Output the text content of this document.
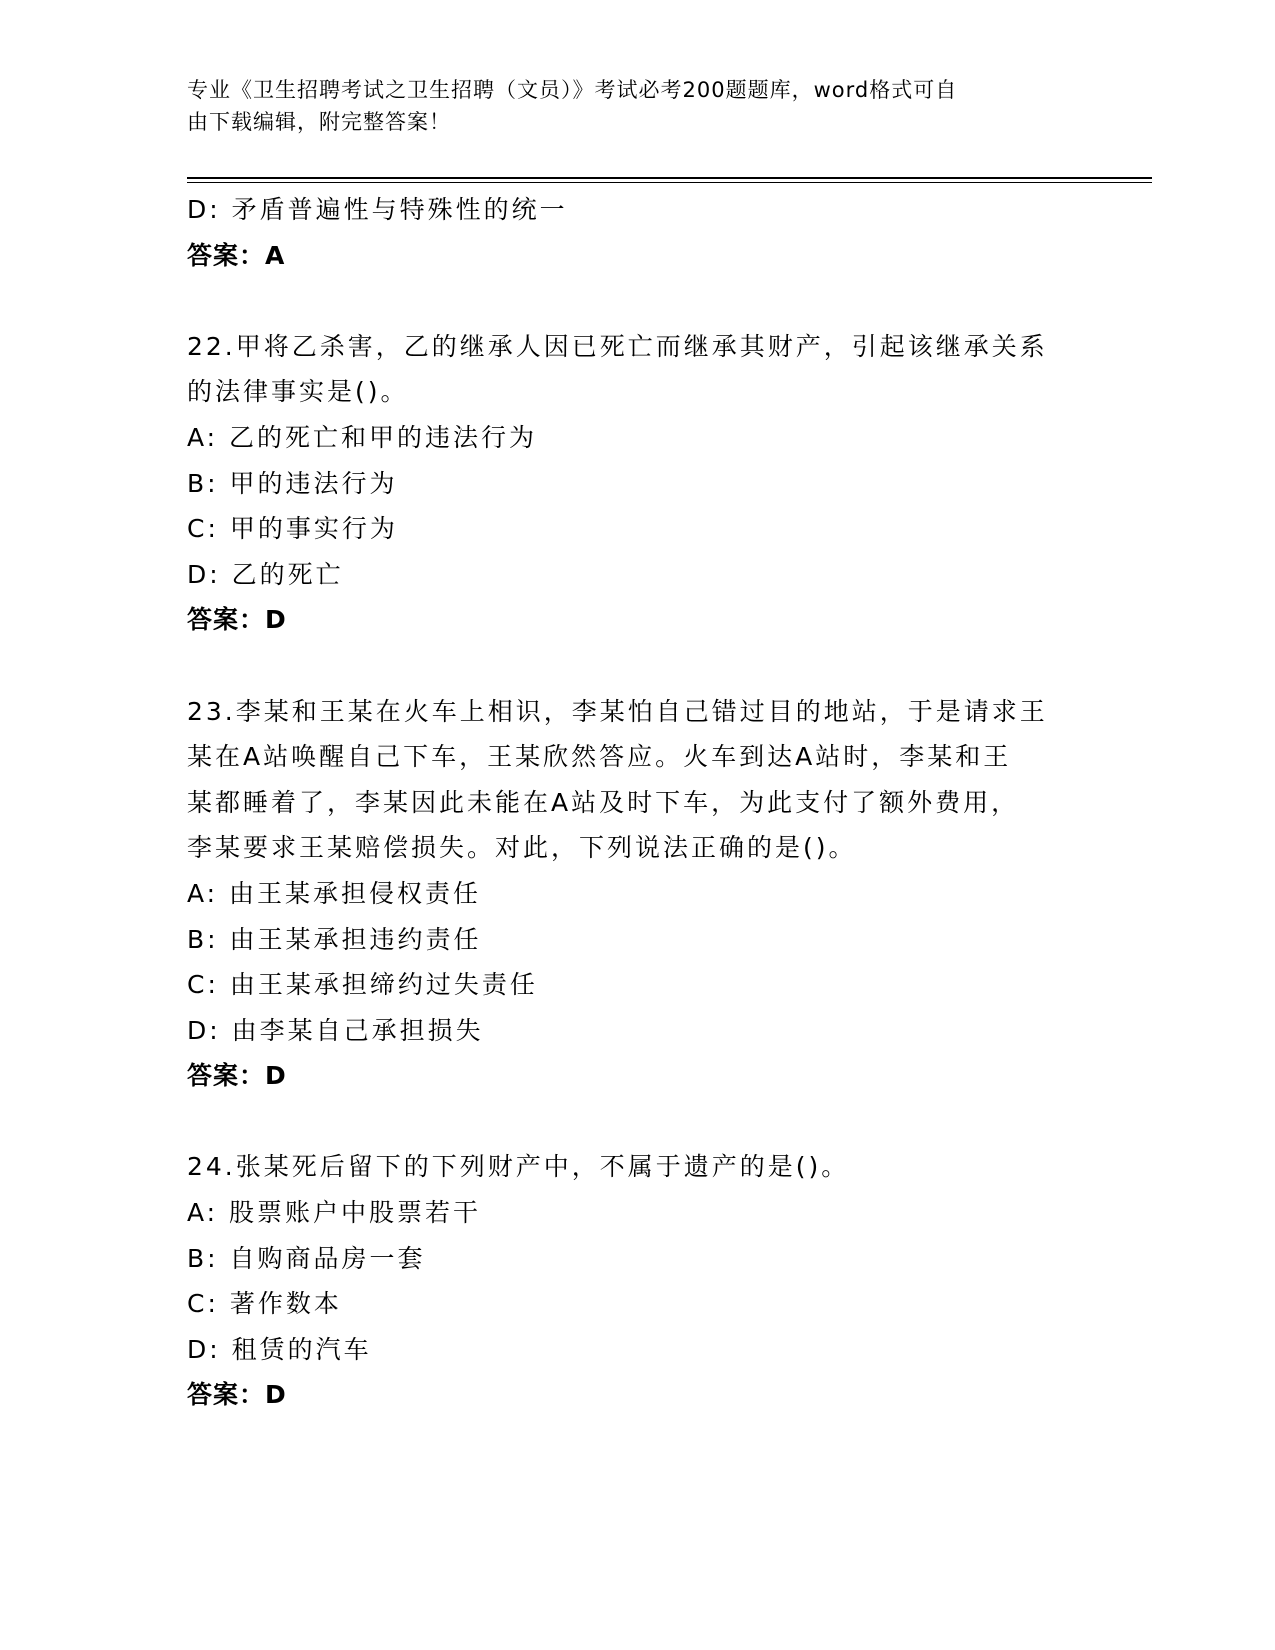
专业《卫生招聘考试之卫生招聘（文员）》考试必考200题题库，word格式可自
由下载编辑，附完整答案！
D: 矛盾普遍性与特殊性的统一
答案：A
22.甲将乙杀害，乙的继承人因已死亡而继承其财产，引起该继承关系
的法律事实是()。
A: 乙的死亡和甲的违法行为
B: 甲的违法行为
C: 甲的事实行为
D: 乙的死亡
答案：D
23.李某和王某在火车上相识，李某怕自己错过目的地站，于是请求王
某在A站唤醒自己下车，王某欣然答应。火车到达A站时，李某和王
某都睡着了，李某因此未能在A站及时下车，为此支付了额外费用，
李某要求王某赔偿损失。对此，下列说法正确的是()。
A: 由王某承担侵权责任
B: 由王某承担违约责任
C: 由王某承担缔约过失责任
D: 由李某自己承担损失
答案：D
24.张某死后留下的下列财产中，不属于遗产的是()。
A: 股票账户中股票若干
B: 自购商品房一套
C: 著作数本
D: 租赁的汽车
答案：D
